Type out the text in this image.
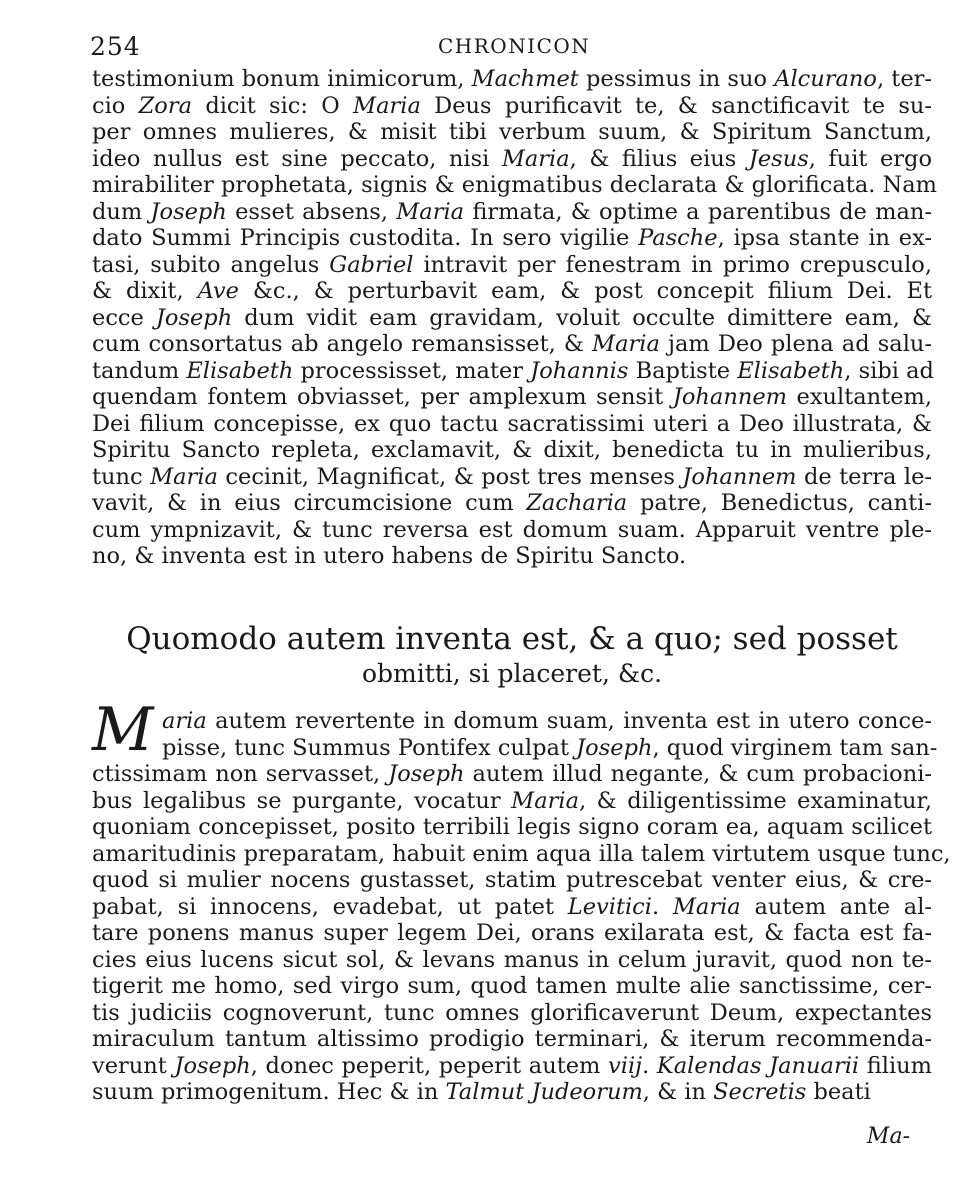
254	CHRONICON
testimonium bonum inimicorum, Machmet pessimus in suo Alcurano, ter-
cio Zora dicit sic: O Maria Deus purificavit te, & sanctificavit te su-
per omnes mulieres, & misit tibi verbum suum, & Spiritum Sanctum,
ideo nullus est sine peccato, nisi Maria, & filius eius Jesus, fuit ergo
mirabiliter prophetata, signis & enigmatibus declarata & glorificata. Nam
dum Joseph esset absens, Maria firmata, & optime a parentibus de man-
dato Summi Principis custodita. In sero vigilie Pasche, ipsa stante in ex-
tasi, subito angelus Gabriel intravit per fenestram in primo crepusculo,
& dixit, Ave &c., & perturbavit eam, & post concepit filium Dei. Et
ecce Joseph dum vidit eam gravidam, voluit occulte dimittere eam, &
cum consortatus ab angelo remansisset, & Maria jam Deo plena ad salu-
tandum Elisabeth processisset, mater Johannis Baptiste Elisabeth, sibi ad
quendam fontem obviasset, per amplexum sensit Johannem exultantem,
Dei filium concepisse, ex quo tactu sacratissimi uteri a Deo illustrata, &
Spiritu Sancto repleta, exclamavit, & dixit, benedicta tu in mulieribus,
tunc Maria cecinit, Magnificat, & post tres menses Johannem de terra le-
vavit, & in eius circumcisione cum Zacharia patre, Benedictus, canti-
cum ympnizavit, & tunc reversa est domum suam. Apparuit ventre ple-
no, & inventa est in utero habens de Spiritu Sancto.
Quomodo autem inventa est, & a quo; sed posset
obmitti, si placeret, &c.
M aria autem revertente in domum suam, inventa est in utero conce-
pisse, tunc Summus Pontifex culpat Joseph, quod virginem tam san-
ctissimam non servasset, Joseph autem illud negante, & cum probacioni-
bus legalibus se purgante, vocatur Maria, & diligentissime examinatur,
quoniam concepisset, posito terribili legis signo coram ea, aquam scilicet
amaritudinis preparatam, habuit enim aqua illa talem virtutem usque tunc,
quod si mulier nocens gustasset, statim putrescebat venter eius, & cre-
pabat, si innocens, evadebat, ut patet Levitici. Maria autem ante al-
tare ponens manus super legem Dei, orans exilarata est, & facta est fa-
cies eius lucens sicut sol, & levans manus in celum juravit, quod non te-
tigerit me homo, sed virgo sum, quod tamen multe alie sanctissime, cer-
tis judiciis cognoverunt, tunc omnes glorificaverunt Deum, expectantes
miraculum tantum altissimo prodigio terminari, & iterum recommenda-
verunt Joseph, donec peperit, peperit autem viij. Kalendas Januarii filium
suum primogenitum. Hec & in Talmut Judeorum, & in Secretis beati
Ma-
